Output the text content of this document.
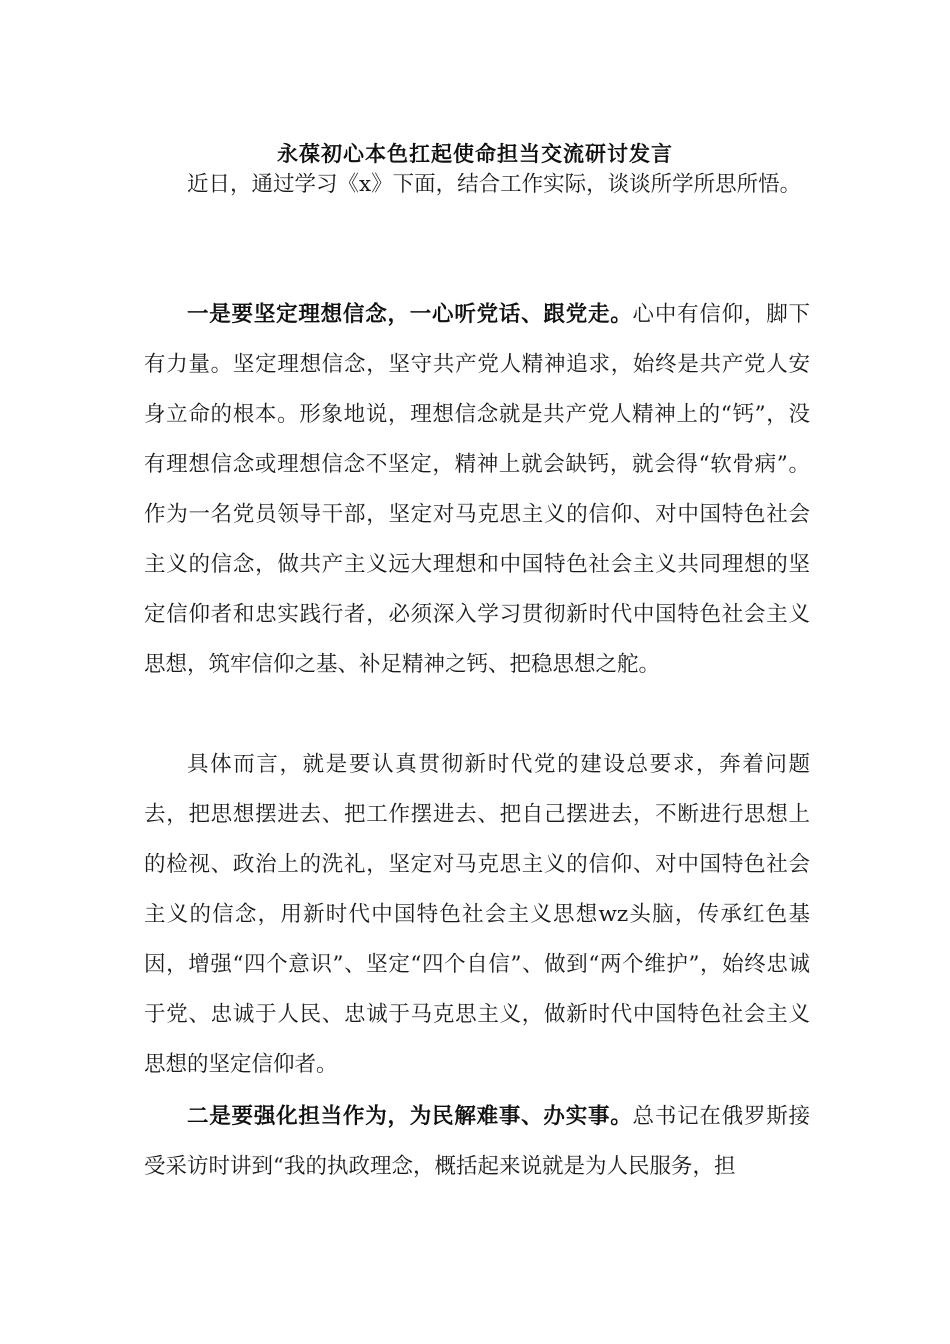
永葆初心本色扛起使命担当交流研讨发言

近日，通过学习《x》下面，结合工作实际，谈谈所学所思所悟。

一是要坚定理想信念，一心听党话、跟党走。心中有信仰，脚下有力量。坚定理想信念，坚守共产党人精神追求，始终是共产党人安身立命的根本。形象地说，理想信念就是共产党人精神上的“钙”，没有理想信念或理想信念不坚定，精神上就会缺钙，就会得“软骨病”。作为一名党员领导干部，坚定对马克思主义的信仰、对中国特色社会主义的信念，做共产主义远大理想和中国特色社会主义共同理想的坚定信仰者和忠实践行者，必须深入学习贯彻新时代中国特色社会主义思想，筑牢信仰之基、补足精神之钙、把稳思想之舵。

具体而言，就是要认真贯彻新时代党的建设总要求，奔着问题去，把思想摆进去、把工作摆进去、把自己摆进去，不断进行思想上的检视、政治上的洗礼，坚定对马克思主义的信仰、对中国特色社会主义的信念，用新时代中国特色社会主义思想wz头脑，传承红色基因，增强“四个意识”、坚定“四个自信”、做到“两个维护”，始终忠诚于党、忠诚于人民、忠诚于马克思主义，做新时代中国特色社会主义思想的坚定信仰者。

二是要强化担当作为，为民解难事、办实事。总书记在俄罗斯接受采访时讲到“我的执政理念，概括起来说就是为人民服务，担
